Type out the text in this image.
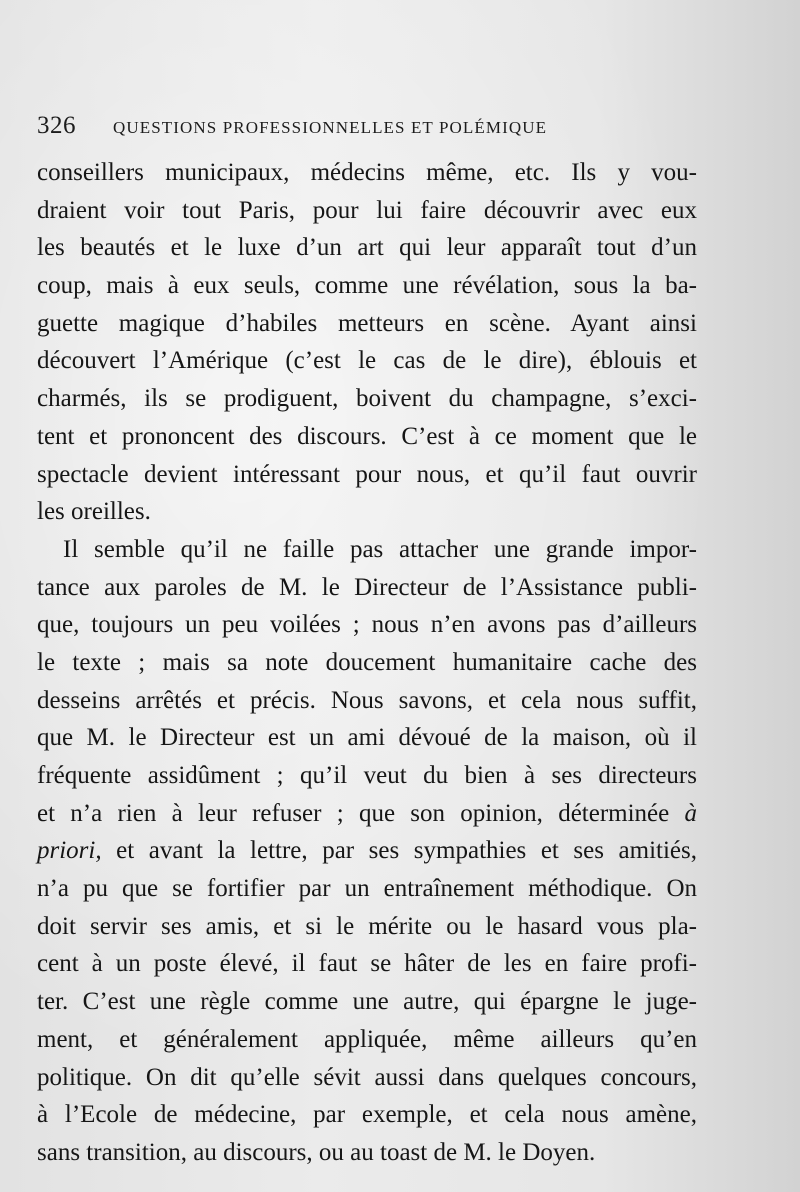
326 QUESTIONS PROFESSIONNELLES ET POLÉMIQUE
conseillers municipaux, médecins même, etc. Ils y vou-
draient voir tout Paris, pour lui faire découvrir avec eux
les beautés et le luxe d’un art qui leur apparaît tout d’un
coup, mais à eux seuls, comme une révélation, sous la ba-
guette magique d’habiles metteurs en scène. Ayant ainsi
découvert l’Amérique (c’est le cas de le dire), éblouis et
charmés, ils se prodiguent, boivent du champagne, s’exci-
tent et prononcent des discours. C’est à ce moment que le
spectacle devient intéressant pour nous, et qu’il faut ouvrir
les oreilles.
Il semble qu’il ne faille pas attacher une grande impor-
tance aux paroles de M. le Directeur de l’Assistance publi-
que, toujours un peu voilées ; nous n’en avons pas d’ailleurs
le texte ; mais sa note doucement humanitaire cache des
desseins arrêtés et précis. Nous savons, et cela nous suffit,
que M. le Directeur est un ami dévoué de la maison, où il
fréquente assidûment ; qu’il veut du bien à ses directeurs
et n’a rien à leur refuser ; que son opinion, déterminée à
priori, et avant la lettre, par ses sympathies et ses amitiés,
n’a pu que se fortifier par un entraînement méthodique. On
doit servir ses amis, et si le mérite ou le hasard vous pla-
cent à un poste élevé, il faut se hâter de les en faire profi-
ter. C’est une règle comme une autre, qui épargne le juge-
ment, et généralement appliquée, même ailleurs qu’en
politique. On dit qu’elle sévit aussi dans quelques concours,
à l’Ecole de médecine, par exemple, et cela nous amène,
sans transition, au discours, ou au toast de M. le Doyen.
